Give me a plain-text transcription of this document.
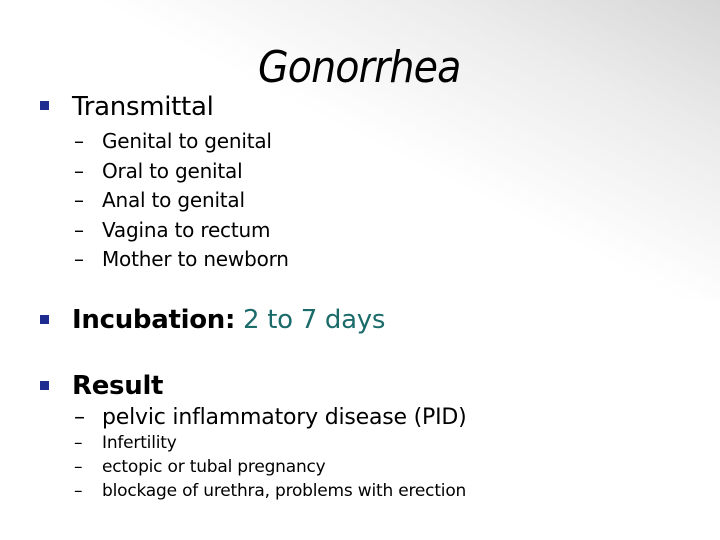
Gonorrhea
Transmittal
– Genital to genital
– Oral to genital
– Anal to genital
– Vagina to rectum
– Mother to newborn
Incubation: 2 to 7 days
Result
– pelvic inflammatory disease (PID)
– Infertility
– ectopic or tubal pregnancy
– blockage of urethra, problems with erection
